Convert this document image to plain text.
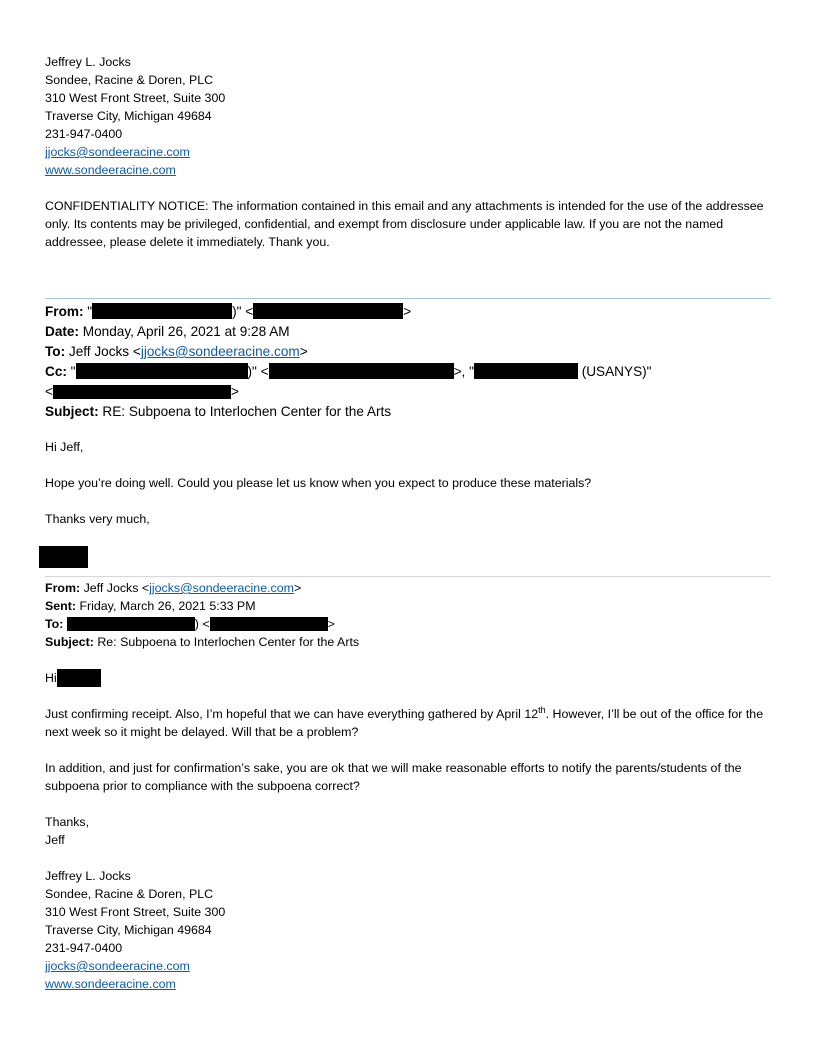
Jeffrey L. Jocks
Sondee, Racine & Doren, PLC
310 West Front Street, Suite 300
Traverse City, Michigan 49684
231-947-0400
jjocks@sondeeracine.com
www.sondeeracine.com

CONFIDENTIALITY NOTICE: The information contained in this email and any attachments is intended for the use of the addressee only. Its contents may be privileged, confidential, and exempt from disclosure under applicable law. If you are not the named addressee, please delete it immediately. Thank you.

From: "	)" <	>
Date: Monday, April 26, 2021 at 9:28 AM
To: Jeff Jocks <jjocks@sondeeracine.com>
Cc: "	)" <	>, "	(USANYS)"
<	>
Subject: RE: Subpoena to Interlochen Center for the Arts

Hi Jeff,

Hope you’re doing well. Could you please let us know when you expect to produce these materials?

Thanks very much,

From: Jeff Jocks <jjocks@sondeeracine.com>
Sent: Friday, March 26, 2021 5:33 PM
To:	) <	>
Subject: Re: Subpoena to Interlochen Center for the Arts
Hi

Just confirming receipt. Also, I’m hopeful that we can have everything gathered by April 12th. However, I’ll be out of the office for the next week so it might be delayed. Will that be a problem?

In addition, and just for confirmation’s sake, you are ok that we will make reasonable efforts to notify the parents/students of the subpoena prior to compliance with the subpoena correct?

Thanks,

Jeff

Jeffrey L. Jocks
Sondee, Racine & Doren, PLC
310 West Front Street, Suite 300
Traverse City, Michigan 49684
231-947-0400
jjocks@sondeeracine.com
www.sondeeracine.com
